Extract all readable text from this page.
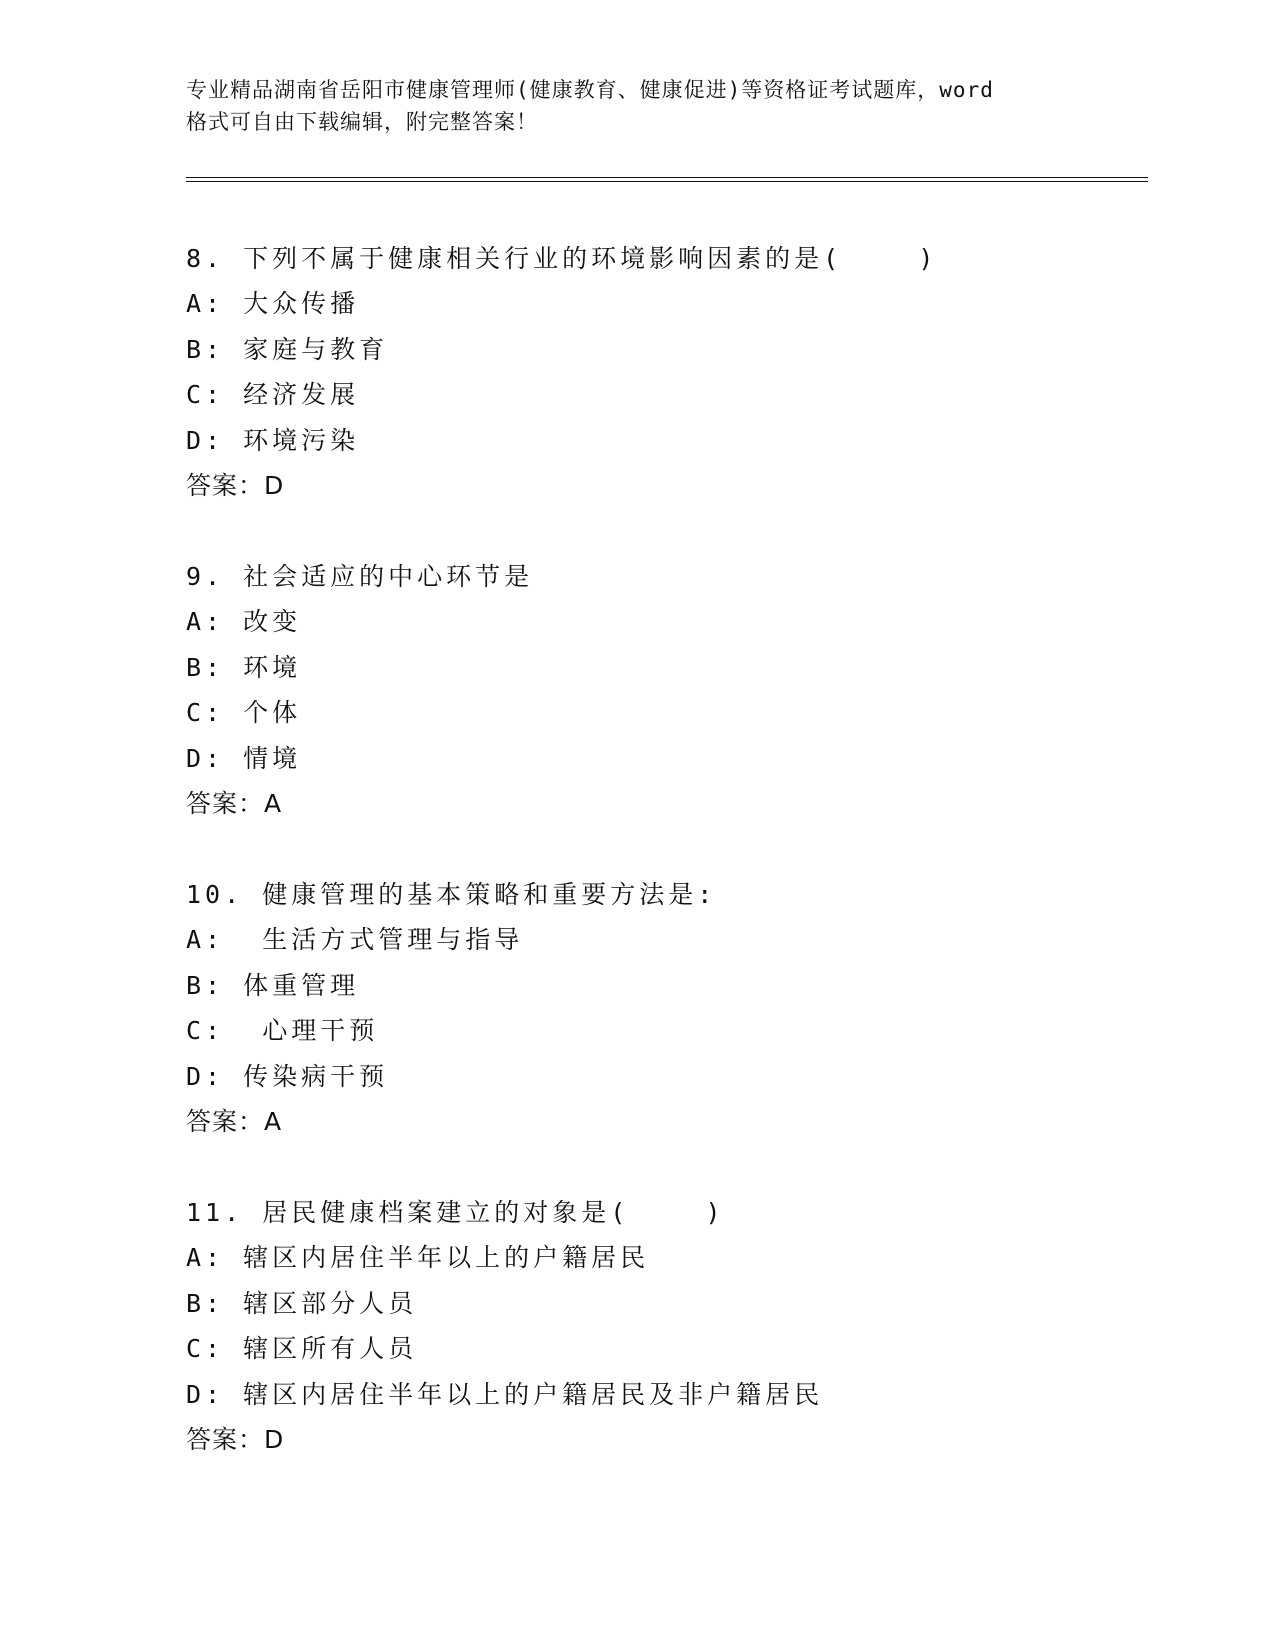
专业精品湖南省岳阳市健康管理师(健康教育、健康促进)等资格证考试题库，word
格式可自由下载编辑，附完整答案！
8. 下列不属于健康相关行业的环境影响因素的是(    )
A: 大众传播
B: 家庭与教育
C: 经济发展
D: 环境污染
答案：D
9. 社会适应的中心环节是
A: 改变
B: 环境
C: 个体
D: 情境
答案：A
10. 健康管理的基本策略和重要方法是:
A:  生活方式管理与指导
B: 体重管理
C:  心理干预
D: 传染病干预
答案：A
11. 居民健康档案建立的对象是(    )
A: 辖区内居住半年以上的户籍居民
B: 辖区部分人员
C: 辖区所有人员
D: 辖区内居住半年以上的户籍居民及非户籍居民
答案：D
